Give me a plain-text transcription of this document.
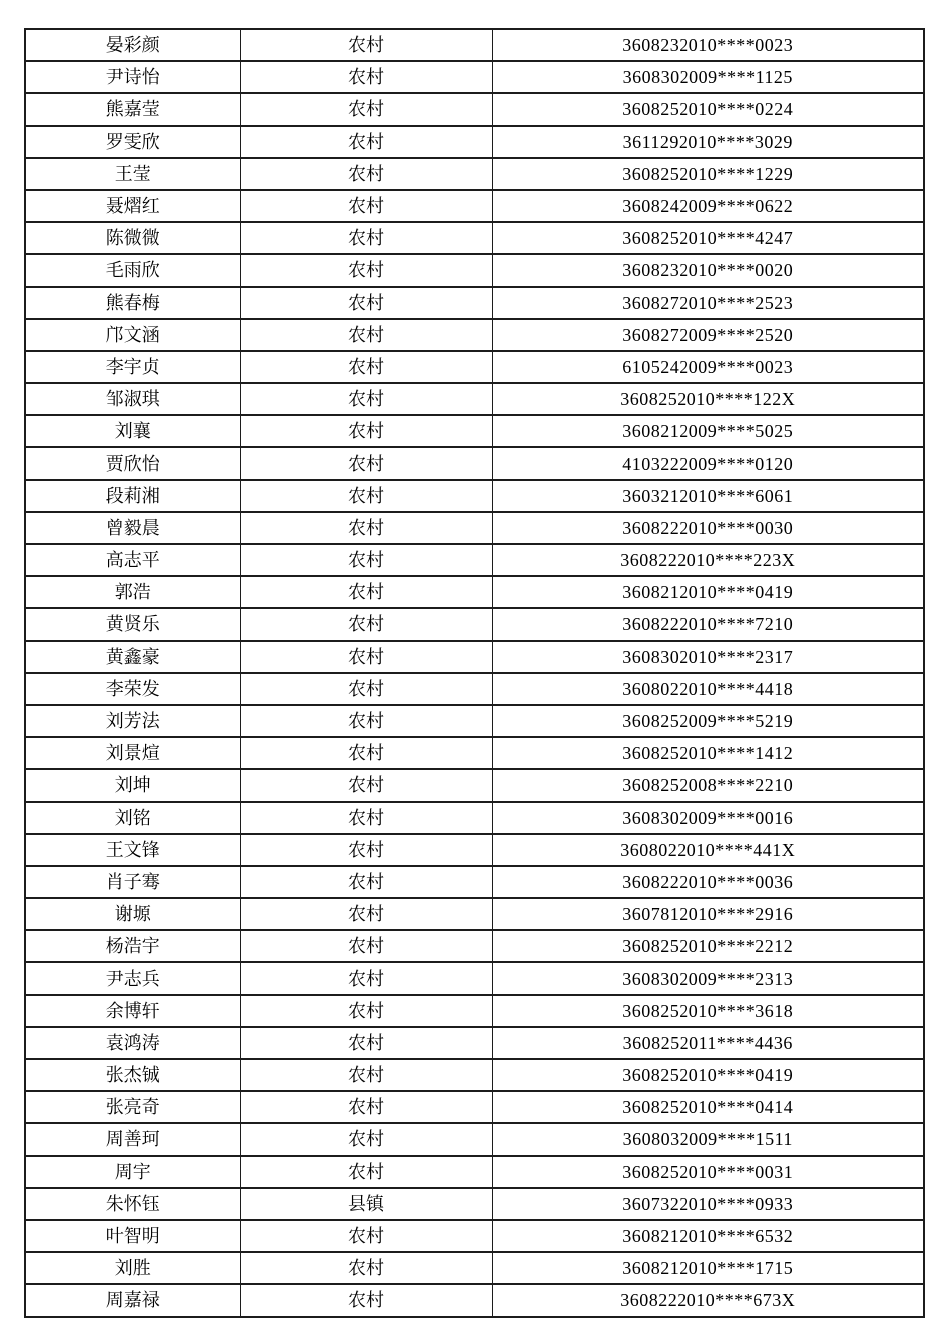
晏彩颜	农村	3608232010****0023
尹诗怡	农村	3608302009****1125
熊嘉莹	农村	3608252010****0224
罗雯欣	农村	3611292010****3029
王莹	农村	3608252010****1229
聂熠红	农村	3608242009****0622
陈微微	农村	3608252010****4247
毛雨欣	农村	3608232010****0020
熊春梅	农村	3608272010****2523
邝文涵	农村	3608272009****2520
李宇贞	农村	6105242009****0023
邹淑琪	农村	3608252010****122X
刘襄	农村	3608212009****5025
贾欣怡	农村	4103222009****0120
段莉湘	农村	3603212010****6061
曾毅晨	农村	3608222010****0030
高志平	农村	3608222010****223X
郭浩	农村	3608212010****0419
黄贤乐	农村	3608222010****7210
黄鑫豪	农村	3608302010****2317
李荣发	农村	3608022010****4418
刘芳法	农村	3608252009****5219
刘景煊	农村	3608252010****1412
刘坤	农村	3608252008****2210
刘铭	农村	3608302009****0016
王文锋	农村	3608022010****441X
肖子骞	农村	3608222010****0036
谢塬	农村	3607812010****2916
杨浩宇	农村	3608252010****2212
尹志兵	农村	3608302009****2313
余博轩	农村	3608252010****3618
袁鸿涛	农村	3608252011****4436
张杰铖	农村	3608252010****0419
张亮奇	农村	3608252010****0414
周善珂	农村	3608032009****1511
周宇	农村	3608252010****0031
朱怀钰	县镇	3607322010****0933
叶智明	农村	3608212010****6532
刘胜	农村	3608212010****1715
周嘉禄	农村	3608222010****673X
